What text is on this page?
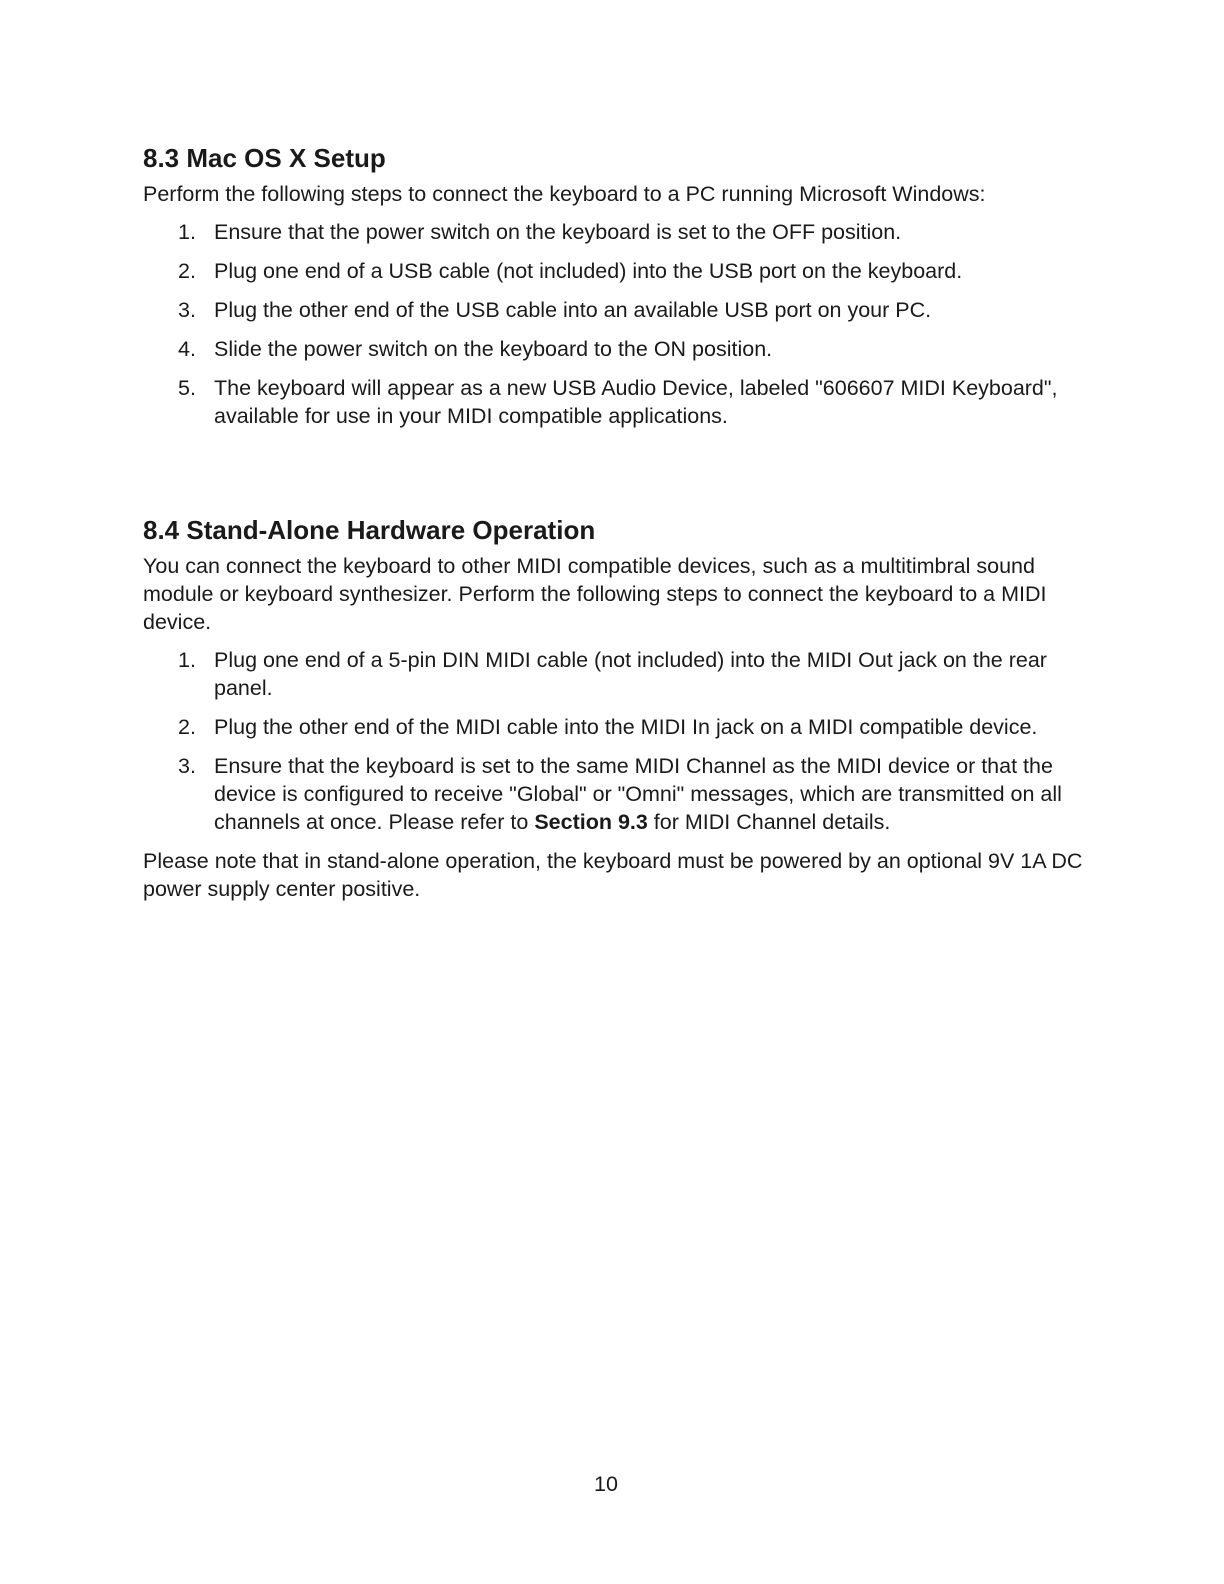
8.3 Mac OS X Setup

Perform the following steps to connect the keyboard to a PC running Microsoft Windows:

1. Ensure that the power switch on the keyboard is set to the OFF position.
2. Plug one end of a USB cable (not included) into the USB port on the keyboard.
3. Plug the other end of the USB cable into an available USB port on your PC.
4. Slide the power switch on the keyboard to the ON position.
5. The keyboard will appear as a new USB Audio Device, labeled "606607 MIDI Keyboard", available for use in your MIDI compatible applications.
8.4 Stand-Alone Hardware Operation

You can connect the keyboard to other MIDI compatible devices, such as a multitimbral sound module or keyboard synthesizer. Perform the following steps to connect the keyboard to a MIDI device.

1. Plug one end of a 5-pin DIN MIDI cable (not included) into the MIDI Out jack on the rear panel.
2. Plug the other end of the MIDI cable into the MIDI In jack on a MIDI compatible device.
3. Ensure that the keyboard is set to the same MIDI Channel as the MIDI device or that the device is configured to receive "Global" or "Omni" messages, which are transmitted on all channels at once. Please refer to Section 9.3 for MIDI Channel details.

Please note that in stand-alone operation, the keyboard must be powered by an optional 9V 1A DC power supply center positive.

10
